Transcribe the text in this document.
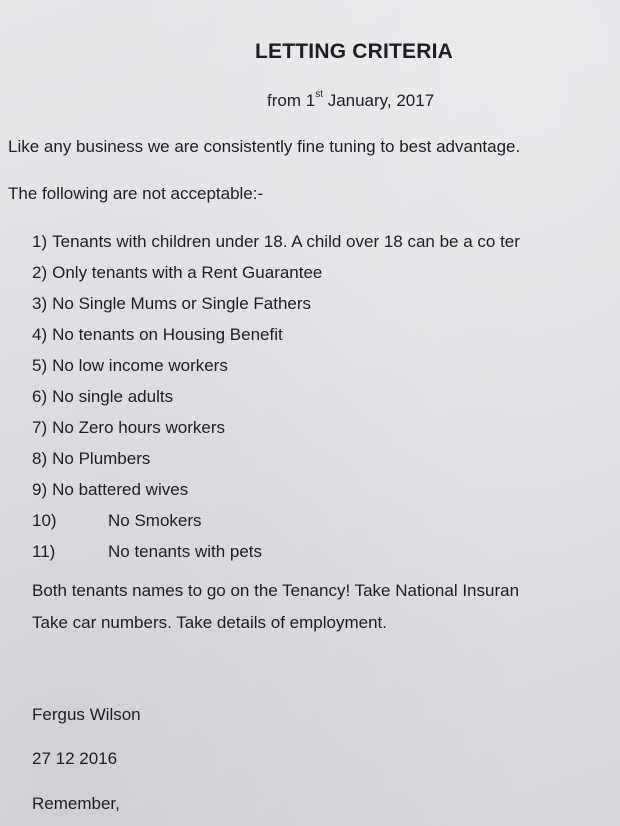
LETTING CRITERIA
from 1st January, 2017
Like any business we are consistently fine tuning to best advantage.
The following are not acceptable:-
1) Tenants with children under 18. A child over 18 can be a co ter
2) Only tenants with a Rent Guarantee
3) No Single Mums or Single Fathers
4) No tenants on Housing Benefit
5) No low income workers
6) No single adults
7) No Zero hours workers
8) No Plumbers
9) No battered wives
10)	No Smokers
11)	No tenants with pets
Both tenants names to go on the Tenancy! Take National Insuran
Take car numbers. Take details of employment.
Fergus Wilson
27 12 2016
Remember,
